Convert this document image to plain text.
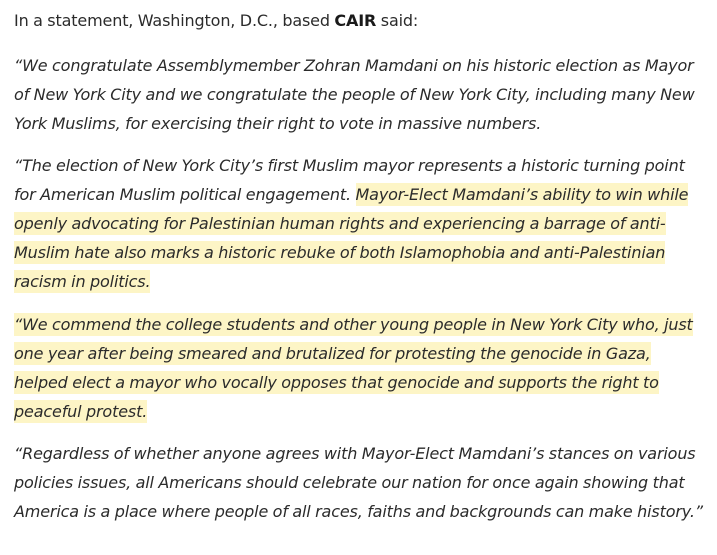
In a statement, Washington, D.C., based CAIR said:

“We congratulate Assemblymember Zohran Mamdani on his historic election as Mayor of New York City and we congratulate the people of New York City, including many New York Muslims, for exercising their right to vote in massive numbers.

“The election of New York City’s first Muslim mayor represents a historic turning point for American Muslim political engagement. Mayor-Elect Mamdani’s ability to win while openly advocating for Palestinian human rights and experiencing a barrage of anti-Muslim hate also marks a historic rebuke of both Islamophobia and anti-Palestinian racism in politics.

“We commend the college students and other young people in New York City who, just one year after being smeared and brutalized for protesting the genocide in Gaza, helped elect a mayor who vocally opposes that genocide and supports the right to peaceful protest.

“Regardless of whether anyone agrees with Mayor-Elect Mamdani’s stances on various policies issues, all Americans should celebrate our nation for once again showing that America is a place where people of all races, faiths and backgrounds can make history.”
